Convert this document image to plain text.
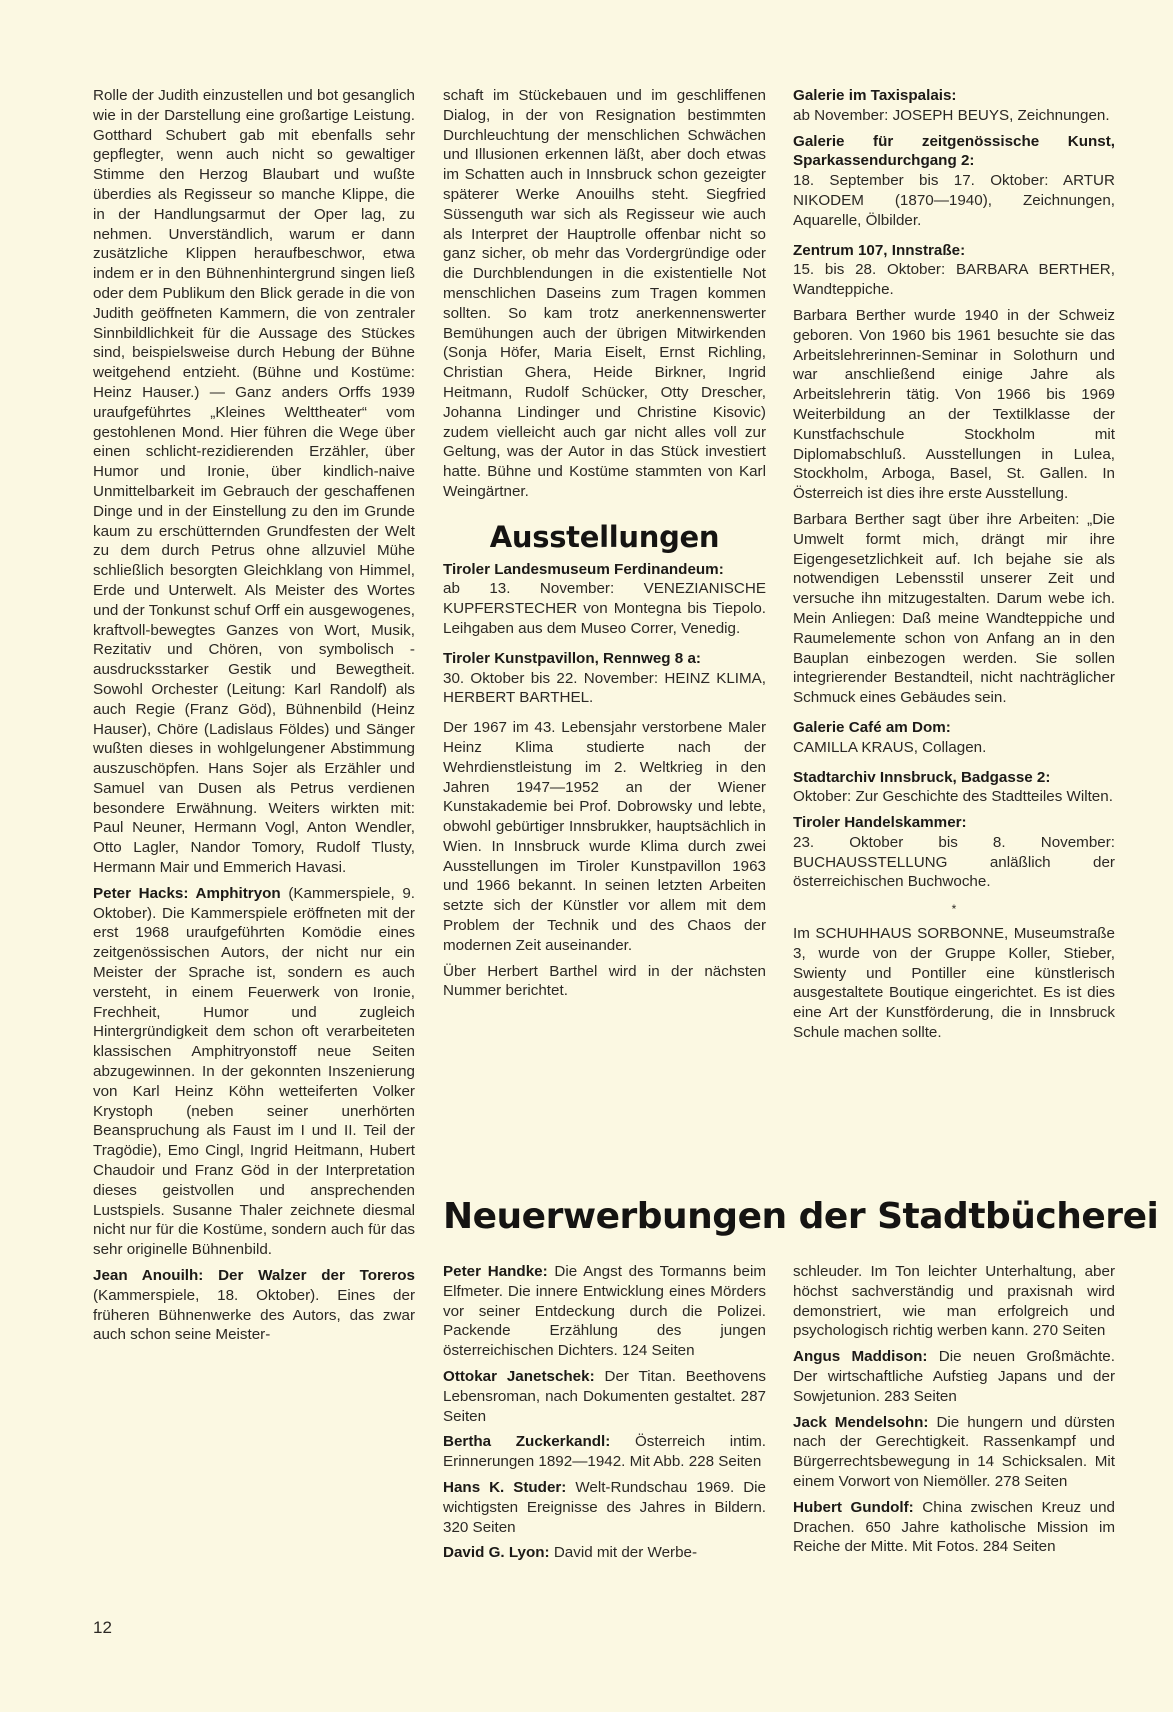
Rolle der Judith einzustellen und bot gesanglich wie in der Darstellung eine großartige Leistung. Gotthard Schubert gab mit ebenfalls sehr gepflegter, wenn auch nicht so gewaltiger Stimme den Herzog Blaubart und wußte überdies als Regisseur so manche Klippe, die in der Handlungsarmut der Oper lag, zu nehmen. Unverständlich, warum er dann zusätzliche Klippen heraufbeschwor, etwa indem er in den Bühnenhintergrund singen ließ oder dem Publikum den Blick gerade in die von Judith geöffneten Kammern, die von zentraler Sinnbildlichkeit für die Aussage des Stückes sind, beispielsweise durch Hebung der Bühne weitgehend entzieht. (Bühne und Kostüme: Heinz Hauser.) — Ganz anders Orffs 1939 uraufgeführtes „Kleines Welttheater“ vom gestohlenen Mond. Hier führen die Wege über einen schlicht-rezidierenden Erzähler, über Humor und Ironie, über kindlich-naive Unmittelbarkeit im Gebrauch der geschaffenen Dinge und in der Einstellung zu den im Grunde kaum zu erschütternden Grundfesten der Welt zu dem durch Petrus ohne allzuviel Mühe schließlich besorgten Gleichklang von Himmel, Erde und Unterwelt. Als Meister des Wortes und der Tonkunst schuf Orff ein ausgewogenes, kraftvoll-bewegtes Ganzes von Wort, Musik, Rezitativ und Chören, von symbolisch - ausdrucksstarker Gestik und Bewegtheit. Sowohl Orchester (Leitung: Karl Randolf) als auch Regie (Franz Göd), Bühnenbild (Heinz Hauser), Chöre (Ladislaus Földes) und Sänger wußten dieses in wohlgelungener Abstimmung auszuschöpfen. Hans Sojer als Erzähler und Samuel van Dusen als Petrus verdienen besondere Erwähnung. Weiters wirkten mit: Paul Neuner, Hermann Vogl, Anton Wendler, Otto Lagler, Nandor Tomory, Rudolf Tlusty, Hermann Mair und Emmerich Havasi.

Peter Hacks: Amphitryon (Kammerspiele, 9. Oktober). Die Kammerspiele eröffneten mit der erst 1968 uraufgeführten Komödie eines zeitgenössischen Autors, der nicht nur ein Meister der Sprache ist, sondern es auch versteht, in einem Feuerwerk von Ironie, Frechheit, Humor und zugleich Hintergründigkeit dem schon oft verarbeiteten klassischen Amphitryonstoff neue Seiten abzugewinnen. In der gekonnten Inszenierung von Karl Heinz Köhn wetteiferten Volker Krystoph (neben seiner unerhörten Beanspruchung als Faust im I und II. Teil der Tragödie), Emo Cingl, Ingrid Heitmann, Hubert Chaudoir und Franz Göd in der Interpretation dieses geistvollen und ansprechenden Lustspiels. Susanne Thaler zeichnete diesmal nicht nur für die Kostüme, sondern auch für das sehr originelle Bühnenbild.

Jean Anouilh: Der Walzer der Toreros (Kammerspiele, 18. Oktober). Eines der früheren Bühnenwerke des Autors, das zwar auch schon seine Meister-

schaft im Stückebauen und im geschliffenen Dialog, in der von Resignation bestimmten Durchleuchtung der menschlichen Schwächen und Illusionen erkennen läßt, aber doch etwas im Schatten auch in Innsbruck schon gezeigter späterer Werke Anouilhs steht. Siegfried Süssenguth war sich als Regisseur wie auch als Interpret der Hauptrolle offenbar nicht so ganz sicher, ob mehr das Vordergründige oder die Durchblendungen in die existentielle Not menschlichen Daseins zum Tragen kommen sollten. So kam trotz anerkennenswerter Bemühungen auch der übrigen Mitwirkenden (Sonja Höfer, Maria Eiselt, Ernst Richling, Christian Ghera, Heide Birkner, Ingrid Heitmann, Rudolf Schücker, Otty Drescher, Johanna Lindinger und Christine Kisovic) zudem vielleicht auch gar nicht alles voll zur Geltung, was der Autor in das Stück investiert hatte. Bühne und Kostüme stammten von Karl Weingärtner.

Ausstellungen

Tiroler Landesmuseum Ferdinandeum:

ab 13. November: VENEZIANISCHE KUPFERSTECHER von Montegna bis Tiepolo. Leihgaben aus dem Museo Correr, Venedig.

Tiroler Kunstpavillon, Rennweg 8 a:

30. Oktober bis 22. November: HEINZ KLIMA, HERBERT BARTHEL.

Der 1967 im 43. Lebensjahr verstorbene Maler Heinz Klima studierte nach der Wehrdienstleistung im 2. Weltkrieg in den Jahren 1947—1952 an der Wiener Kunstakademie bei Prof. Dobrowsky und lebte, obwohl gebürtiger Innsbrukker, hauptsächlich in Wien. In Innsbruck wurde Klima durch zwei Ausstellungen im Tiroler Kunstpavillon 1963 und 1966 bekannt. In seinen letzten Arbeiten setzte sich der Künstler vor allem mit dem Problem der Technik und des Chaos der modernen Zeit auseinander.

Über Herbert Barthel wird in der nächsten Nummer berichtet.

Galerie im Taxispalais:

ab November: JOSEPH BEUYS, Zeichnungen.

Galerie für zeitgenössische Kunst, Sparkassendurchgang 2:

18. September bis 17. Oktober: ARTUR NIKODEM (1870—1940), Zeichnungen, Aquarelle, Ölbilder.

Zentrum 107, Innstraße:

15. bis 28. Oktober: BARBARA BERTHER, Wandteppiche.

Barbara Berther wurde 1940 in der Schweiz geboren. Von 1960 bis 1961 besuchte sie das Arbeitslehrerinnen-Seminar in Solothurn und war anschließend einige Jahre als Arbeitslehrerin tätig. Von 1966 bis 1969 Weiterbildung an der Textilklasse der Kunstfachschule Stockholm mit Diplomabschluß. Ausstellungen in Lulea, Stockholm, Arboga, Basel, St. Gallen. In Österreich ist dies ihre erste Ausstellung.

Barbara Berther sagt über ihre Arbeiten: „Die Umwelt formt mich, drängt mir ihre Eigengesetzlichkeit auf. Ich bejahe sie als notwendigen Lebensstil unserer Zeit und versuche ihn mitzugestalten. Darum webe ich. Mein Anliegen: Daß meine Wandteppiche und Raumelemente schon von Anfang an in den Bauplan einbezogen werden. Sie sollen integrierender Bestandteil, nicht nachträglicher Schmuck eines Gebäudes sein.

Galerie Café am Dom:

CAMILLA KRAUS, Collagen.

Stadtarchiv Innsbruck, Badgasse 2:

Oktober: Zur Geschichte des Stadtteiles Wilten.

Tiroler Handelskammer:

23. Oktober bis 8. November: BUCHAUSSTELLUNG anläßlich der österreichischen Buchwoche.

*

Im SCHUHHAUS SORBONNE, Museumstraße 3, wurde von der Gruppe Koller, Stieber, Swienty und Pontiller eine künstlerisch ausgestaltete Boutique eingerichtet. Es ist dies eine Art der Kunstförderung, die in Innsbruck Schule machen sollte.

Neuerwerbungen der Stadtbücherei

Peter Handke: Die Angst des Tormanns beim Elfmeter. Die innere Entwicklung eines Mörders vor seiner Entdeckung durch die Polizei. Packende Erzählung des jungen österreichischen Dichters. 124 Seiten

Ottokar Janetschek: Der Titan. Beethovens Lebensroman, nach Dokumenten gestaltet. 287 Seiten

Bertha Zuckerkandl: Österreich intim. Erinnerungen 1892—1942. Mit Abb. 228 Seiten

Hans K. Studer: Welt-Rundschau 1969. Die wichtigsten Ereignisse des Jahres in Bildern. 320 Seiten

David G. Lyon: David mit der Werbe-

schleuder. Im Ton leichter Unterhaltung, aber höchst sachverständig und praxisnah wird demonstriert, wie man erfolgreich und psychologisch richtig werben kann. 270 Seiten

Angus Maddison: Die neuen Großmächte. Der wirtschaftliche Aufstieg Japans und der Sowjetunion. 283 Seiten

Jack Mendelsohn: Die hungern und dürsten nach der Gerechtigkeit. Rassenkampf und Bürgerrechtsbewegung in 14 Schicksalen. Mit einem Vorwort von Niemöller. 278 Seiten

Hubert Gundolf: China zwischen Kreuz und Drachen. 650 Jahre katholische Mission im Reiche der Mitte. Mit Fotos. 284 Seiten

12
